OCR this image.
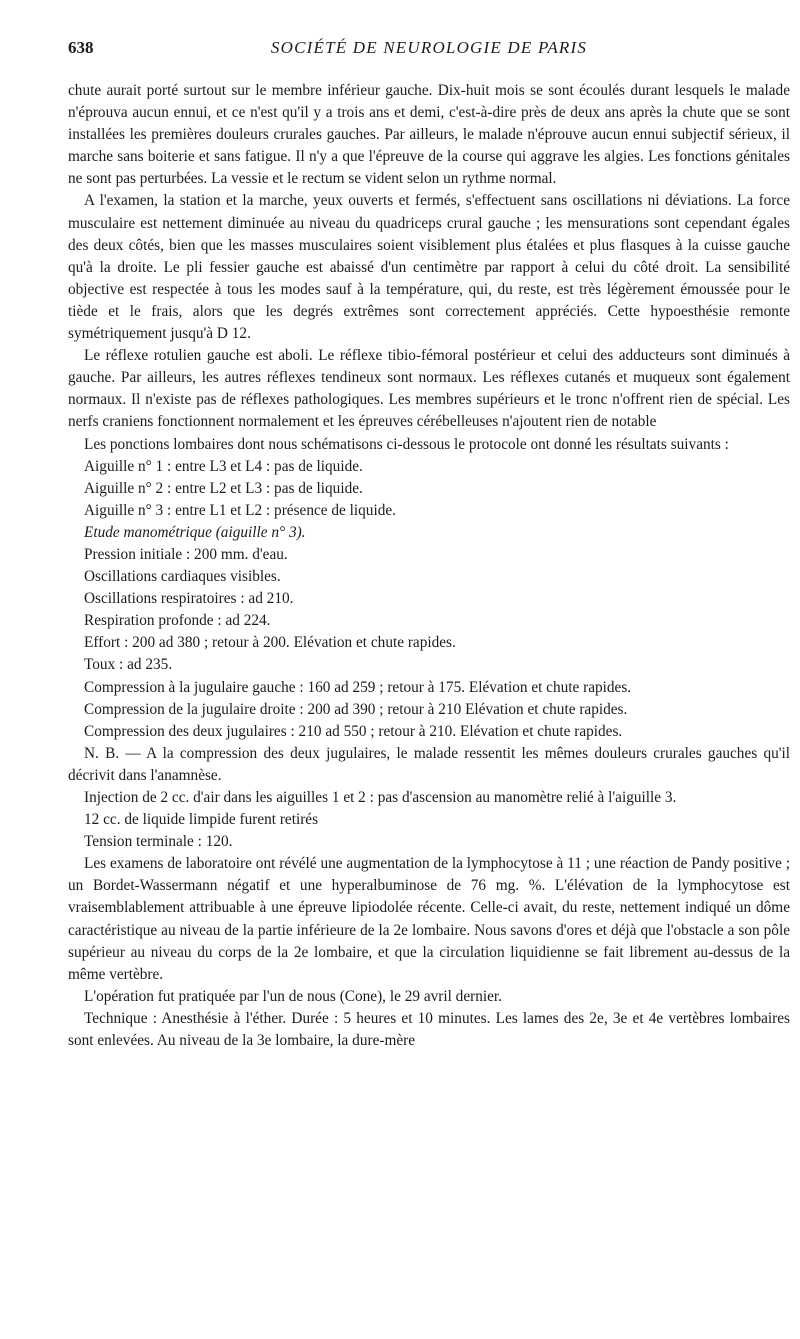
638	SOCIÉTÉ DE NEUROLOGIE DE PARIS

chute aurait porté surtout sur le membre inférieur gauche. Dix-huit mois se sont écoulés durant lesquels le malade n'éprouva aucun ennui, et ce n'est qu'il y a trois ans et demi, c'est-à-dire près de deux ans après la chute que se sont installées les premières douleurs crurales gauches. Par ailleurs, le malade n'éprouve aucun ennui subjectif sérieux, il marche sans boiterie et sans fatigue. Il n'y a que l'épreuve de la course qui aggrave les algies. Les fonctions génitales ne sont pas perturbées. La vessie et le rectum se vident selon un rythme normal.

A l'examen, la station et la marche, yeux ouverts et fermés, s'effectuent sans oscillations ni déviations. La force musculaire est nettement diminuée au niveau du quadriceps crural gauche ; les mensurations sont cependant égales des deux côtés, bien que les masses musculaires soient visiblement plus étalées et plus flasques à la cuisse gauche qu'à la droite. Le pli fessier gauche est abaissé d'un centimètre par rapport à celui du côté droit. La sensibilité objective est respectée à tous les modes sauf à la température, qui, du reste, est très légèrement émoussée pour le tiède et le frais, alors que les degrés extrêmes sont correctement appréciés. Cette hypoesthésie remonte symétriquement jusqu'à D 12.

Le réflexe rotulien gauche est aboli. Le réflexe tibio-fémoral postérieur et celui des adducteurs sont diminués à gauche. Par ailleurs, les autres réflexes tendineux sont normaux. Les réflexes cutanés et muqueux sont également normaux. Il n'existe pas de réflexes pathologiques. Les membres supérieurs et le tronc n'offrent rien de spécial. Les nerfs craniens fonctionnent normalement et les épreuves cérébelleuses n'ajoutent rien de notable

Les ponctions lombaires dont nous schématisons ci-dessous le protocole ont donné les résultats suivants :

Aiguille n° 1 : entre L3 et L4 : pas de liquide.

Aiguille n° 2 : entre L2 et L3 : pas de liquide.

Aiguille n° 3 : entre L1 et L2 : présence de liquide.

Etude manométrique (aiguille n° 3).

Pression initiale : 200 mm. d'eau.

Oscillations cardiaques visibles.

Oscillations respiratoires : ad 210.

Respiration profonde : ad 224.

Effort : 200 ad 380 ; retour à 200. Elévation et chute rapides.

Toux : ad 235.

Compression à la jugulaire gauche : 160 ad 259 ; retour à 175. Elévation et chute rapides.

Compression de la jugulaire droite : 200 ad 390 ; retour à 210 Elévation et chute rapides.

Compression des deux jugulaires : 210 ad 550 ; retour à 210. Elévation et chute rapides.

N. B. — A la compression des deux jugulaires, le malade ressentit les mêmes douleurs crurales gauches qu'il décrivit dans l'anamnèse.

Injection de 2 cc. d'air dans les aiguilles 1 et 2 : pas d'ascension au manomètre relié à l'aiguille 3.

12 cc. de liquide limpide furent retirés

Tension terminale : 120.

Les examens de laboratoire ont révélé une augmentation de la lymphocytose à 11 ; une réaction de Pandy positive ; un Bordet-Wassermann négatif et une hyperalbuminose de 76 mg. %. L'élévation de la lymphocytose est vraisemblablement attribuable à une épreuve lipiodolée récente. Celle-ci avait, du reste, nettement indiqué un dôme caractéristique au niveau de la partie inférieure de la 2e lombaire. Nous savons d'ores et déjà que l'obstacle a son pôle supérieur au niveau du corps de la 2e lombaire, et que la circulation liquidienne se fait librement au-dessus de la même vertèbre.

L'opération fut pratiquée par l'un de nous (Cone), le 29 avril dernier.

Technique : Anesthésie à l'éther. Durée : 5 heures et 10 minutes. Les lames des 2e, 3e et 4e vertèbres lombaires sont enlevées. Au niveau de la 3e lombaire, la dure-mère
